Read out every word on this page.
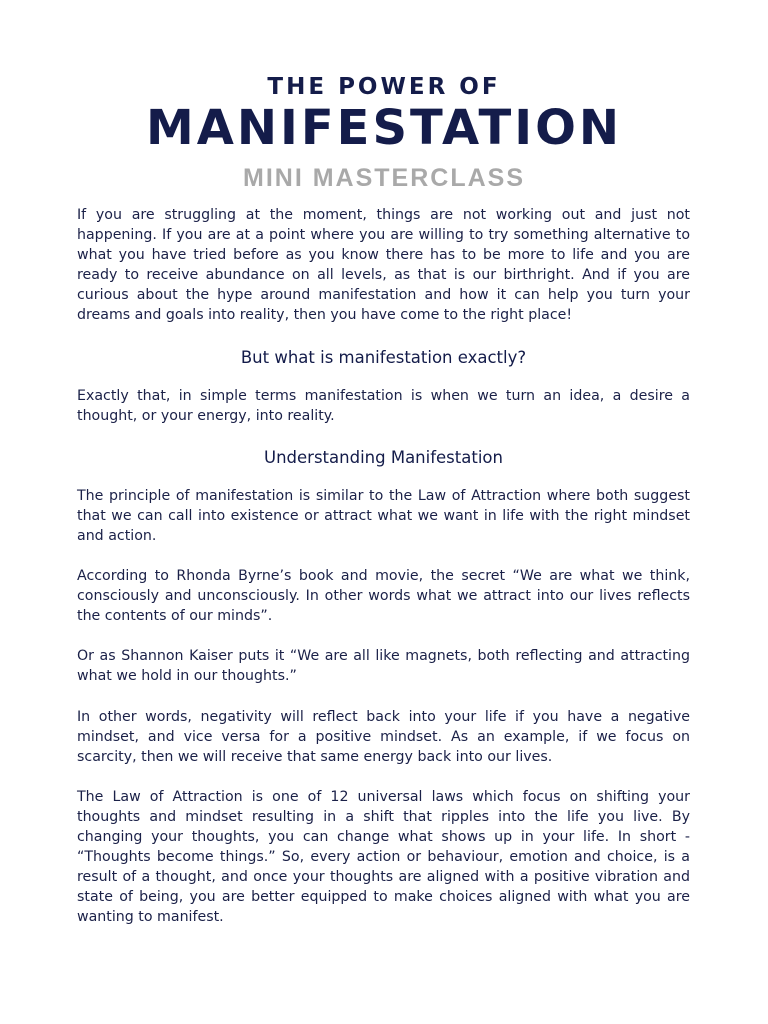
THE POWER OF
MANIFESTATION
MINI MASTERCLASS

If you are struggling at the moment, things are not working out and just not happening. If you are at a point where you are willing to try something alternative to what you have tried before as you know there has to be more to life and you are ready to receive abundance on all levels, as that is our birthright. And if you are curious about the hype around manifestation and how it can help you turn your dreams and goals into reality, then you have come to the right place!

But what is manifestation exactly?

Exactly that, in simple terms manifestation is when we turn an idea, a desire a thought, or your energy, into reality.

Understanding Manifestation

The principle of manifestation is similar to the Law of Attraction where both suggest that we can call into existence or attract what we want in life with the right mindset and action.

According to Rhonda Byrne’s book and movie, the secret “We are what we think, consciously and unconsciously. In other words what we attract into our lives reflects the contents of our minds”.

Or as Shannon Kaiser puts it “We are all like magnets, both reflecting and attracting what we hold in our thoughts.”

In other words, negativity will reflect back into your life if you have a negative mindset, and vice versa for a positive mindset. As an example, if we focus on scarcity, then we will receive that same energy back into our lives.

The Law of Attraction is one of 12 universal laws which focus on shifting your thoughts and mindset resulting in a shift that ripples into the life you live. By changing your thoughts, you can change what shows up in your life. In short - “Thoughts become things.” So, every action or behaviour, emotion and choice, is a result of a thought, and once your thoughts are aligned with a positive vibration and state of being, you are better equipped to make choices aligned with what you are wanting to manifest.
